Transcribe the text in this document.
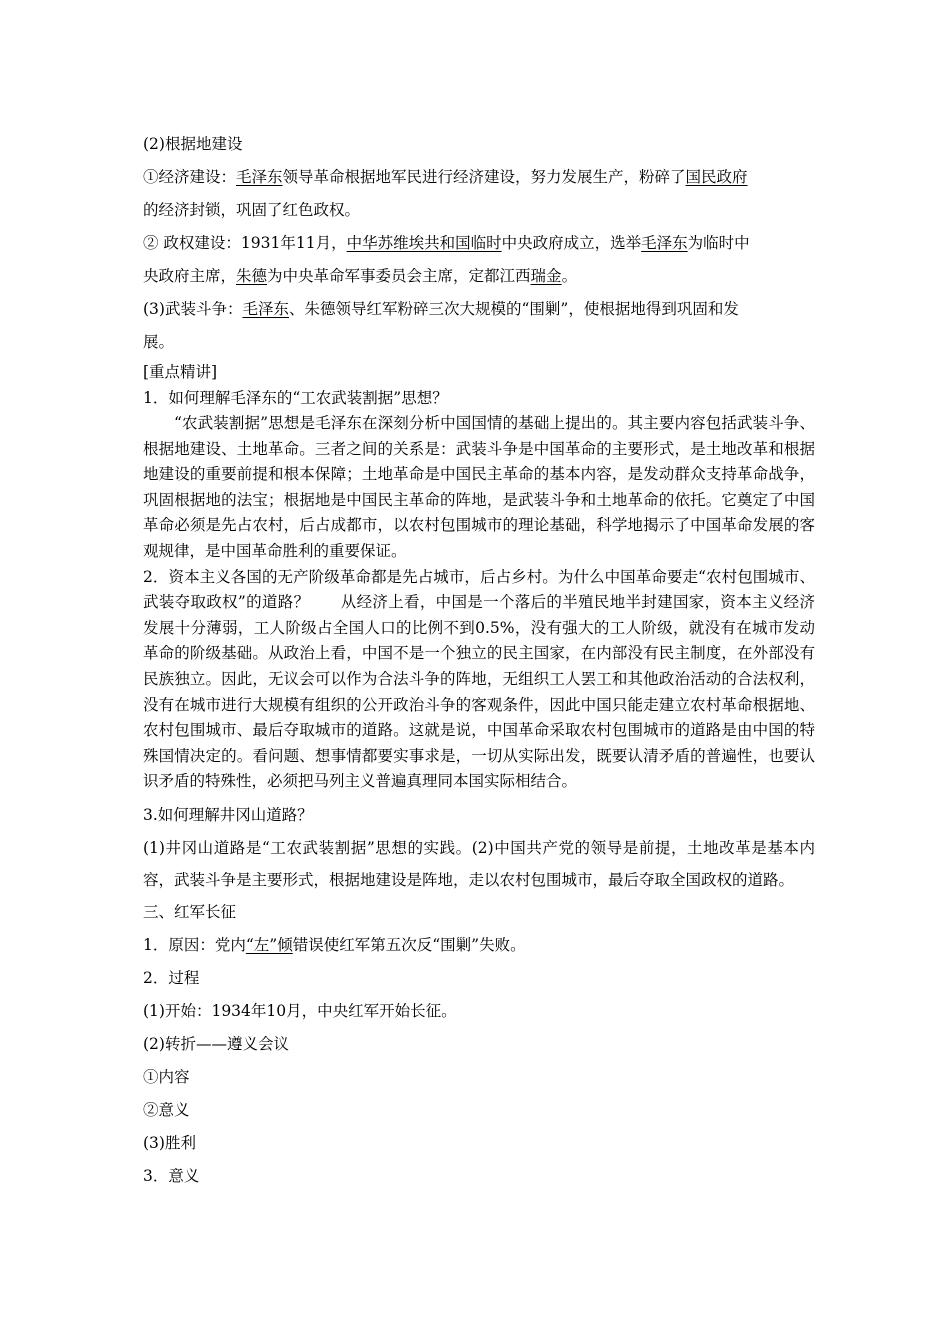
(2)根据地建设
①经济建设：毛泽东领导革命根据地军民进行经济建设，努力发展生产，粉碎了国民政府
的经济封锁，巩固了红色政权。
② 政权建设：1931年11月，中华苏维埃共和国临时中央政府成立，选举毛泽东为临时中
央政府主席，朱德为中央革命军事委员会主席，定都江西瑞金。
(3)武装斗争：毛泽东、朱德领导红军粉碎三次大规模的“围剿”，使根据地得到巩固和发
展。
[重点精讲]
1．如何理解毛泽东的“工农武装割据”思想？
“农武装割据”思想是毛泽东在深刻分析中国国情的基础上提出的。其主要内容包括武装斗争、根据地建设、土地革命。三者之间的关系是：武装斗争是中国革命的主要形式，是土地改革和根据地建设的重要前提和根本保障；土地革命是中国民主革命的基本内容，是发动群众支持革命战争，巩固根据地的法宝；根据地是中国民主革命的阵地，是武装斗争和土地革命的依托。它奠定了中国革命必须是先占农村，后占成都市，以农村包围城市的理论基础，科学地揭示了中国革命发展的客观规律，是中国革命胜利的重要保证。
2．资本主义各国的无产阶级革命都是先占城市，后占乡村。为什么中国革命要走“农村包围城市、武装夺取政权”的道路？ 从经济上看，中国是一个落后的半殖民地半封建国家，资本主义经济发展十分薄弱，工人阶级占全国人口的比例不到0.5%，没有强大的工人阶级，就没有在城市发动革命的阶级基础。从政治上看，中国不是一个独立的民主国家，在内部没有民主制度，在外部没有民族独立。因此，无议会可以作为合法斗争的阵地，无组织工人罢工和其他政治活动的合法权利，没有在城市进行大规模有组织的公开政治斗争的客观条件，因此中国只能走建立农村革命根据地、农村包围城市、最后夺取城市的道路。这就是说，中国革命采取农村包围城市的道路是由中国的特殊国情决定的。看问题、想事情都要实事求是，一切从实际出发，既要认清矛盾的普遍性，也要认识矛盾的特殊性，必须把马列主义普遍真理同本国实际相结合。
3.如何理解井冈山道路？
(1)井冈山道路是“工农武装割据”思想的实践。(2)中国共产党的领导是前提，土地改革是基本内容，武装斗争是主要形式，根据地建设是阵地，走以农村包围城市，最后夺取全国政权的道路。
三、红军长征
1．原因：党内“左”倾错误使红军第五次反“围剿”失败。
2．过程
(1)开始：1934年10月，中央红军开始长征。
(2)转折——遵义会议
①内容
②意义
(3)胜利
3．意义
